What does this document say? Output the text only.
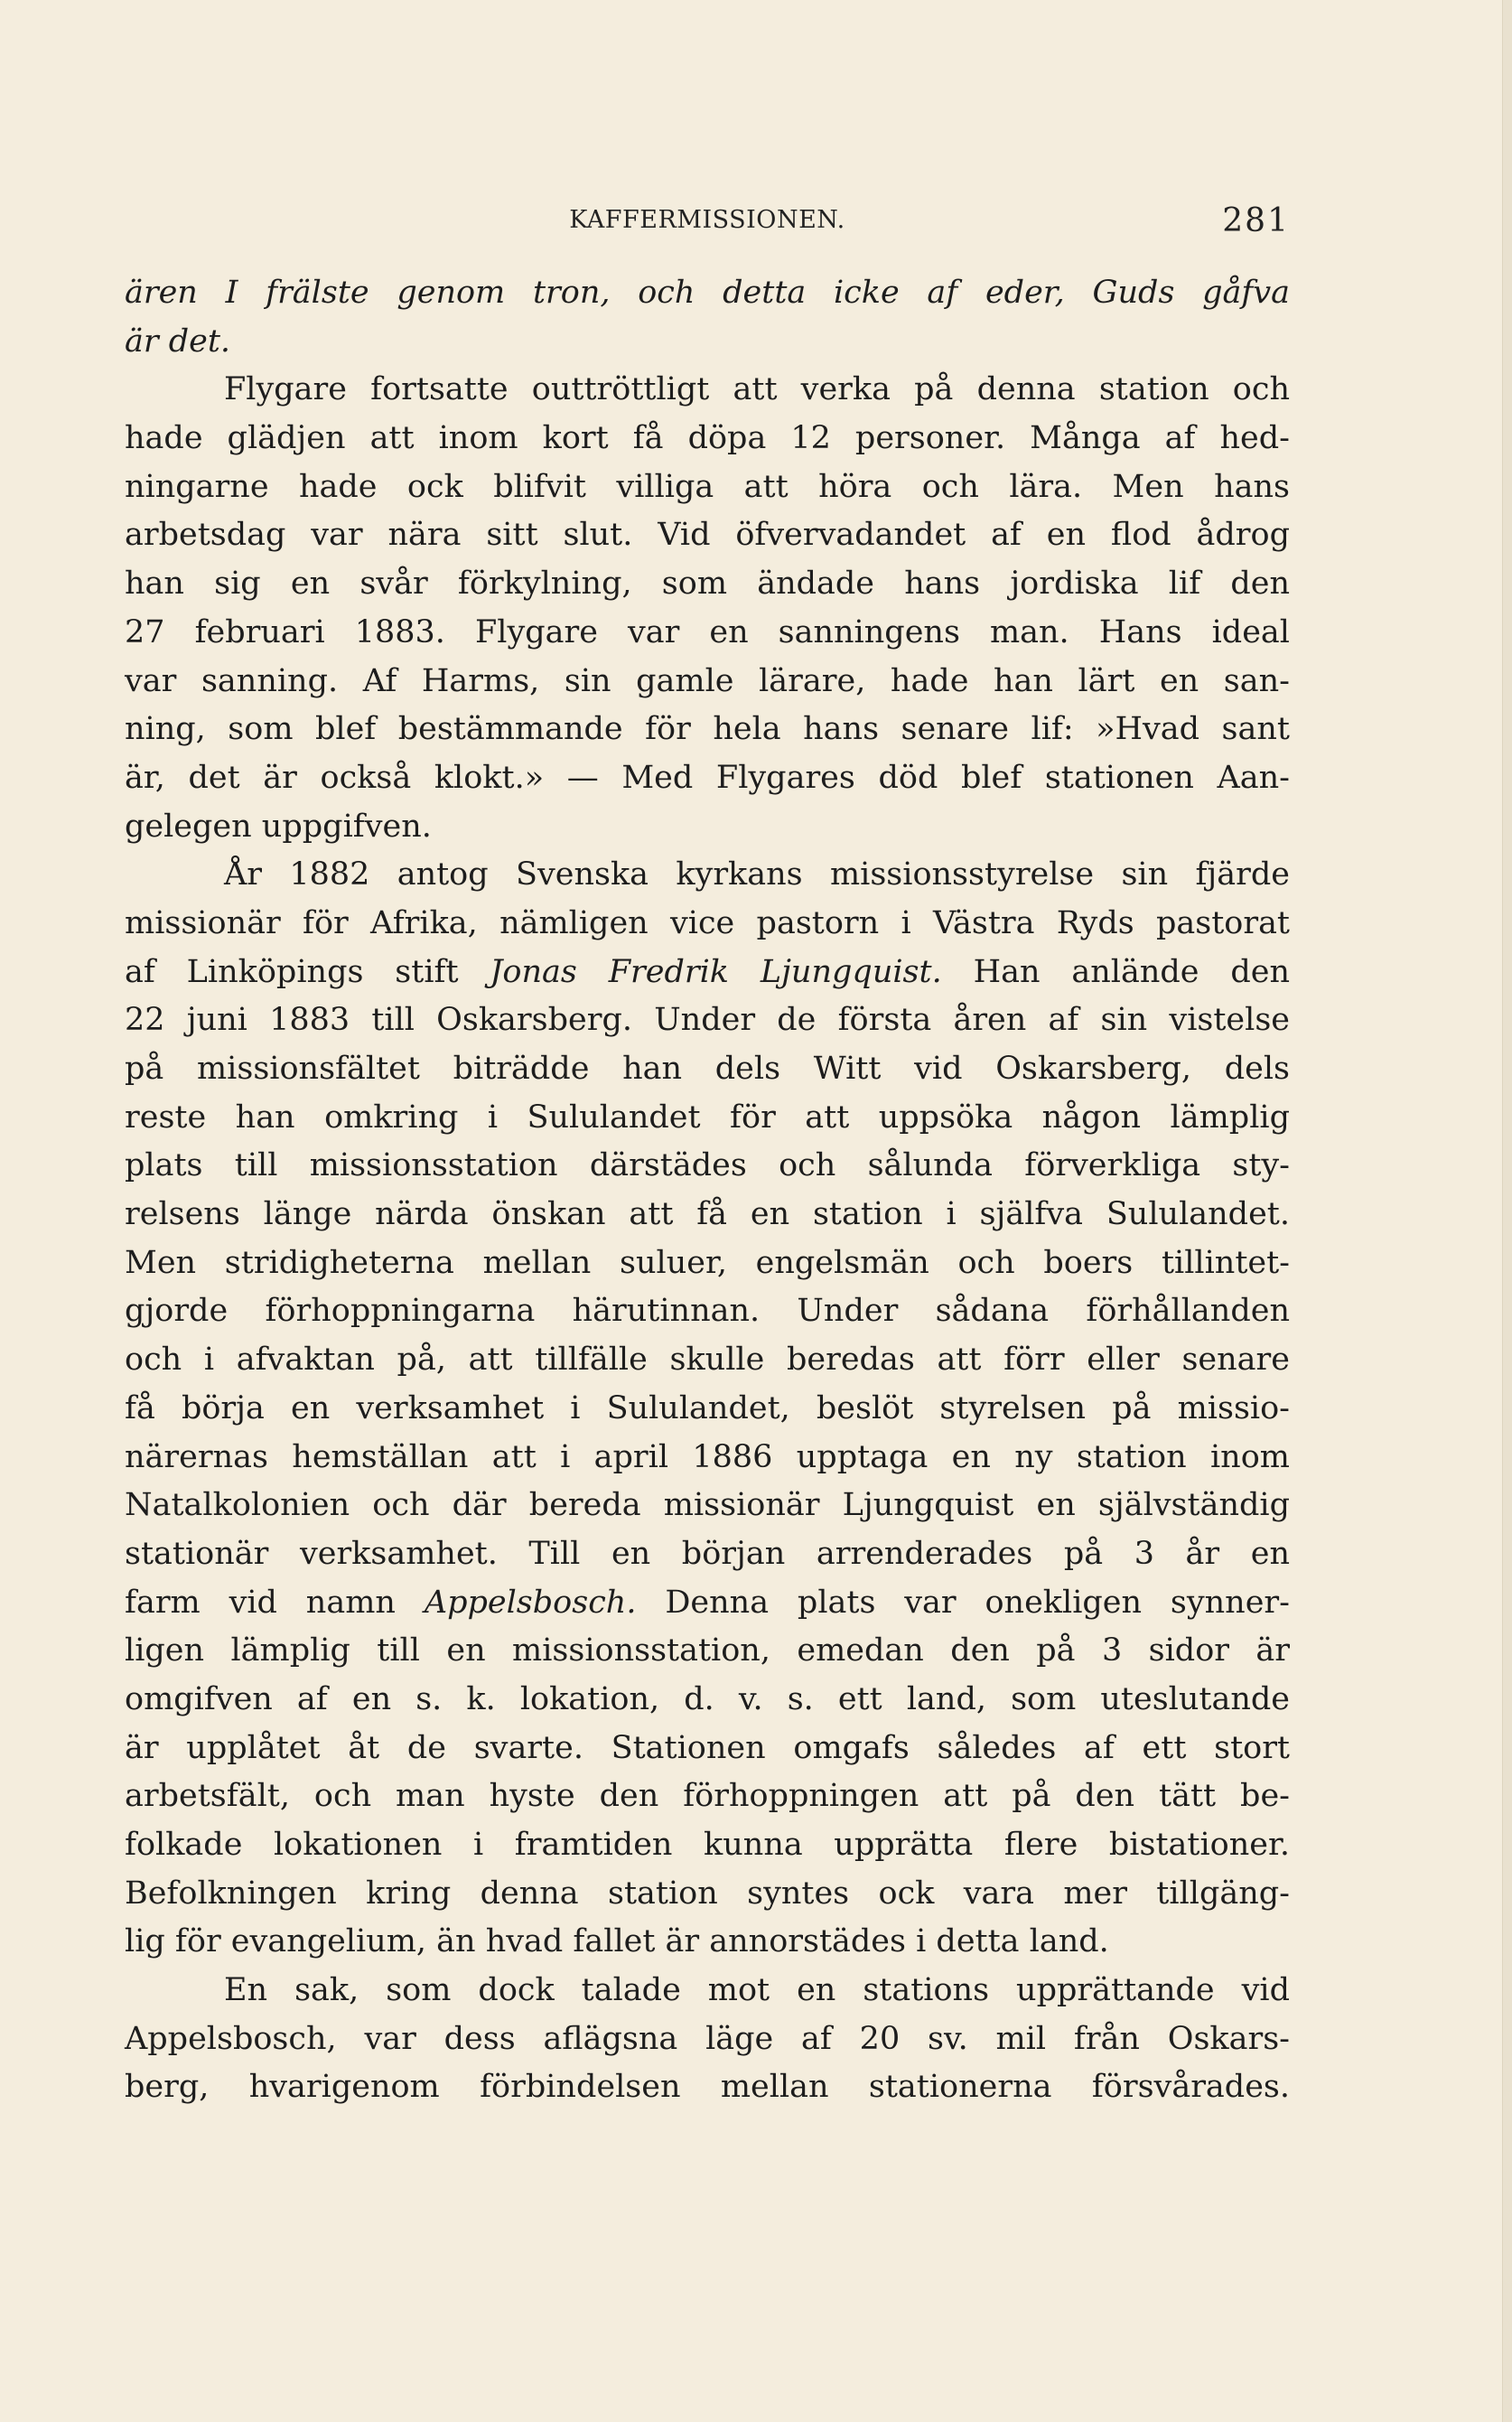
KAFFERMISSIONEN.	281
ären I frälste genom tron, och detta icke af eder, Guds gåfva
är det.
Flygare fortsatte outtröttligt att verka på denna station och
hade glädjen att inom kort få döpa 12 personer. Många af hed-
ningarne hade ock blifvit villiga att höra och lära. Men hans
arbetsdag var nära sitt slut. Vid öfvervadandet af en flod ådrog
han sig en svår förkylning, som ändade hans jordiska lif den
27 februari 1883. Flygare var en sanningens man. Hans ideal
var sanning. Af Harms, sin gamle lärare, hade han lärt en san-
ning, som blef bestämmande för hela hans senare lif: »Hvad sant
är, det är också klokt.» — Med Flygares död blef stationen Aan-
gelegen uppgifven.
År 1882 antog Svenska kyrkans missionsstyrelse sin fjärde
missionär för Afrika, nämligen vice pastorn i Västra Ryds pastorat
af Linköpings stift Jonas Fredrik Ljungquist. Han anlände den
22 juni 1883 till Oskarsberg. Under de första åren af sin vistelse
på missionsfältet biträdde han dels Witt vid Oskarsberg, dels
reste han omkring i Sululandet för att uppsöka någon lämplig
plats till missionsstation därstädes och sålunda förverkliga sty-
relsens länge närda önskan att få en station i själfva Sululandet.
Men stridigheterna mellan suluer, engelsmän och boers tillintet-
gjorde förhoppningarna härutinnan. Under sådana förhållanden
och i afvaktan på, att tillfälle skulle beredas att förr eller senare
få börja en verksamhet i Sululandet, beslöt styrelsen på missio-
närernas hemställan att i april 1886 upptaga en ny station inom
Natalkolonien och där bereda missionär Ljungquist en självständig
stationär verksamhet. Till en början arrenderades på 3 år en
farm vid namn Appelsbosch. Denna plats var onekligen synner-
ligen lämplig till en missionsstation, emedan den på 3 sidor är
omgifven af en s. k. lokation, d. v. s. ett land, som uteslutande
är upplåtet åt de svarte. Stationen omgafs således af ett stort
arbetsfält, och man hyste den förhoppningen att på den tätt be-
folkade lokationen i framtiden kunna upprätta flere bistationer.
Befolkningen kring denna station syntes ock vara mer tillgäng-
lig för evangelium, än hvad fallet är annorstädes i detta land.
En sak, som dock talade mot en stations upprättande vid
Appelsbosch, var dess aflägsna läge af 20 sv. mil från Oskars-
berg, hvarigenom förbindelsen mellan stationerna försvårades.
